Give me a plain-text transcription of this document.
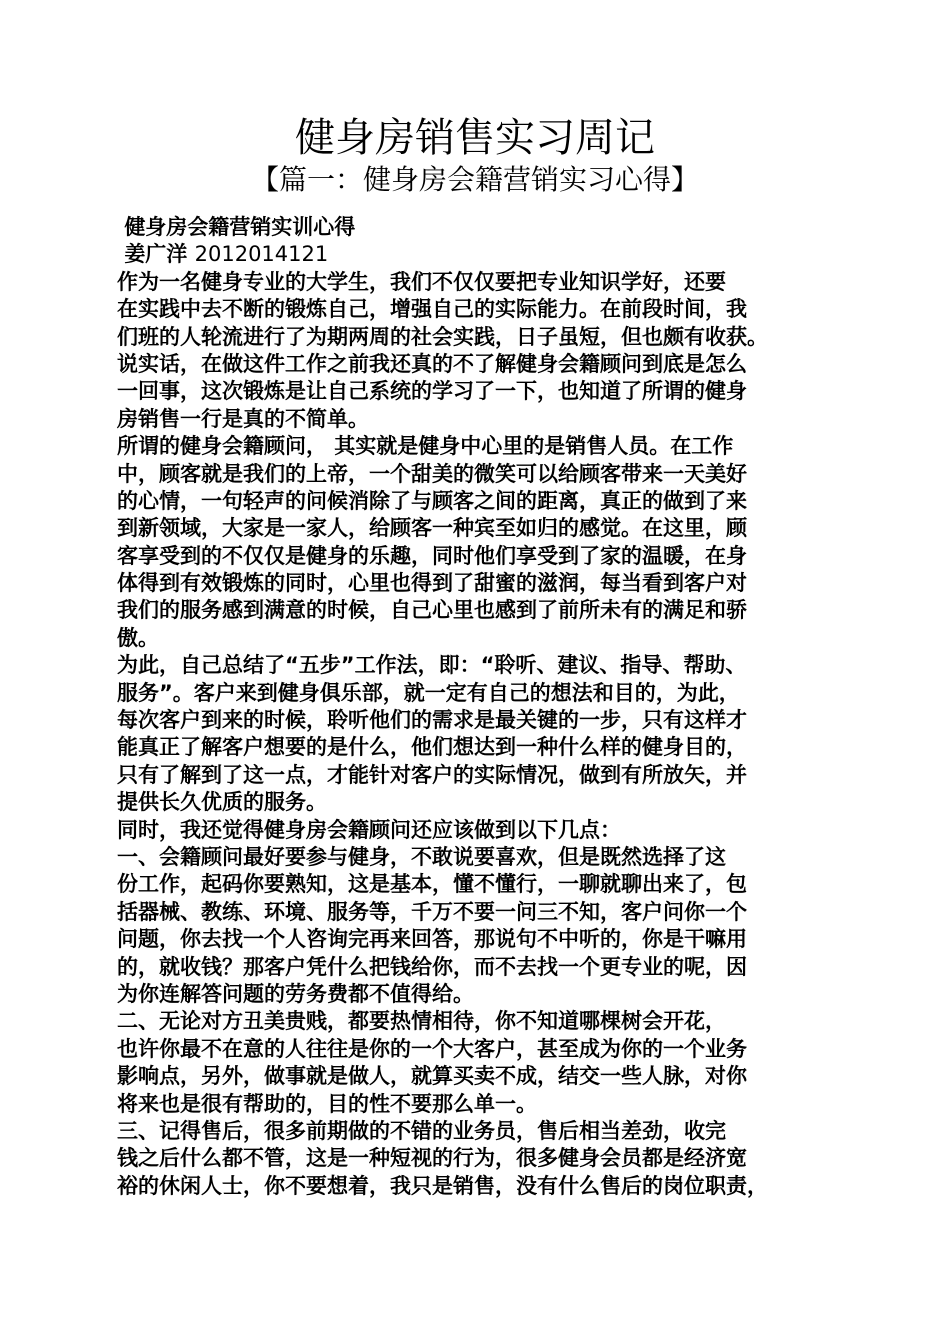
健身房销售实习周记
【篇一：健身房会籍营销实习心得】
健身房会籍营销实训心得
姜广洋 2012014121
作为一名健身专业的大学生，我们不仅仅要把专业知识学好，还要
在实践中去不断的锻炼自己，增强自己的实际能力。在前段时间，我
们班的人轮流进行了为期两周的社会实践，日子虽短，但也颇有收获。
说实话，在做这件工作之前我还真的不了解健身会籍顾问到底是怎么
一回事，这次锻炼是让自己系统的学习了一下，也知道了所谓的健身
房销售一行是真的不简单。
所谓的健身会籍顾问， 其实就是健身中心里的是销售人员。在工作
中，顾客就是我们的上帝，一个甜美的微笑可以给顾客带来一天美好
的心情，一句轻声的问候消除了与顾客之间的距离，真正的做到了来
到新领域，大家是一家人，给顾客一种宾至如归的感觉。在这里，顾
客享受到的不仅仅是健身的乐趣，同时他们享受到了家的温暖，在身
体得到有效锻炼的同时，心里也得到了甜蜜的滋润，每当看到客户对
我们的服务感到满意的时候，自己心里也感到了前所未有的满足和骄
傲。
为此，自己总结了“五步”工作法，即：“聆听、建议、指导、帮助、
服务”。客户来到健身俱乐部，就一定有自己的想法和目的，为此，
每次客户到来的时候，聆听他们的需求是最关键的一步，只有这样才
能真正了解客户想要的是什么，他们想达到一种什么样的健身目的，
只有了解到了这一点，才能针对客户的实际情况，做到有所放矢，并
提供长久优质的服务。
同时，我还觉得健身房会籍顾问还应该做到以下几点：
一、会籍顾问最好要参与健身，不敢说要喜欢，但是既然选择了这
份工作，起码你要熟知，这是基本，懂不懂行，一聊就聊出来了，包
括器械、教练、环境、服务等，千万不要一问三不知，客户问你一个
问题，你去找一个人咨询完再来回答，那说句不中听的，你是干嘛用
的，就收钱？那客户凭什么把钱给你，而不去找一个更专业的呢，因
为你连解答问题的劳务费都不值得给。
二、无论对方丑美贵贱，都要热情相待，你不知道哪棵树会开花，
也许你最不在意的人往往是你的一个大客户，甚至成为你的一个业务
影响点，另外，做事就是做人，就算买卖不成，结交一些人脉，对你
将来也是很有帮助的，目的性不要那么单一。
三、记得售后，很多前期做的不错的业务员，售后相当差劲，收完
钱之后什么都不管，这是一种短视的行为，很多健身会员都是经济宽
裕的休闲人士，你不要想着，我只是销售，没有什么售后的岗位职责，
